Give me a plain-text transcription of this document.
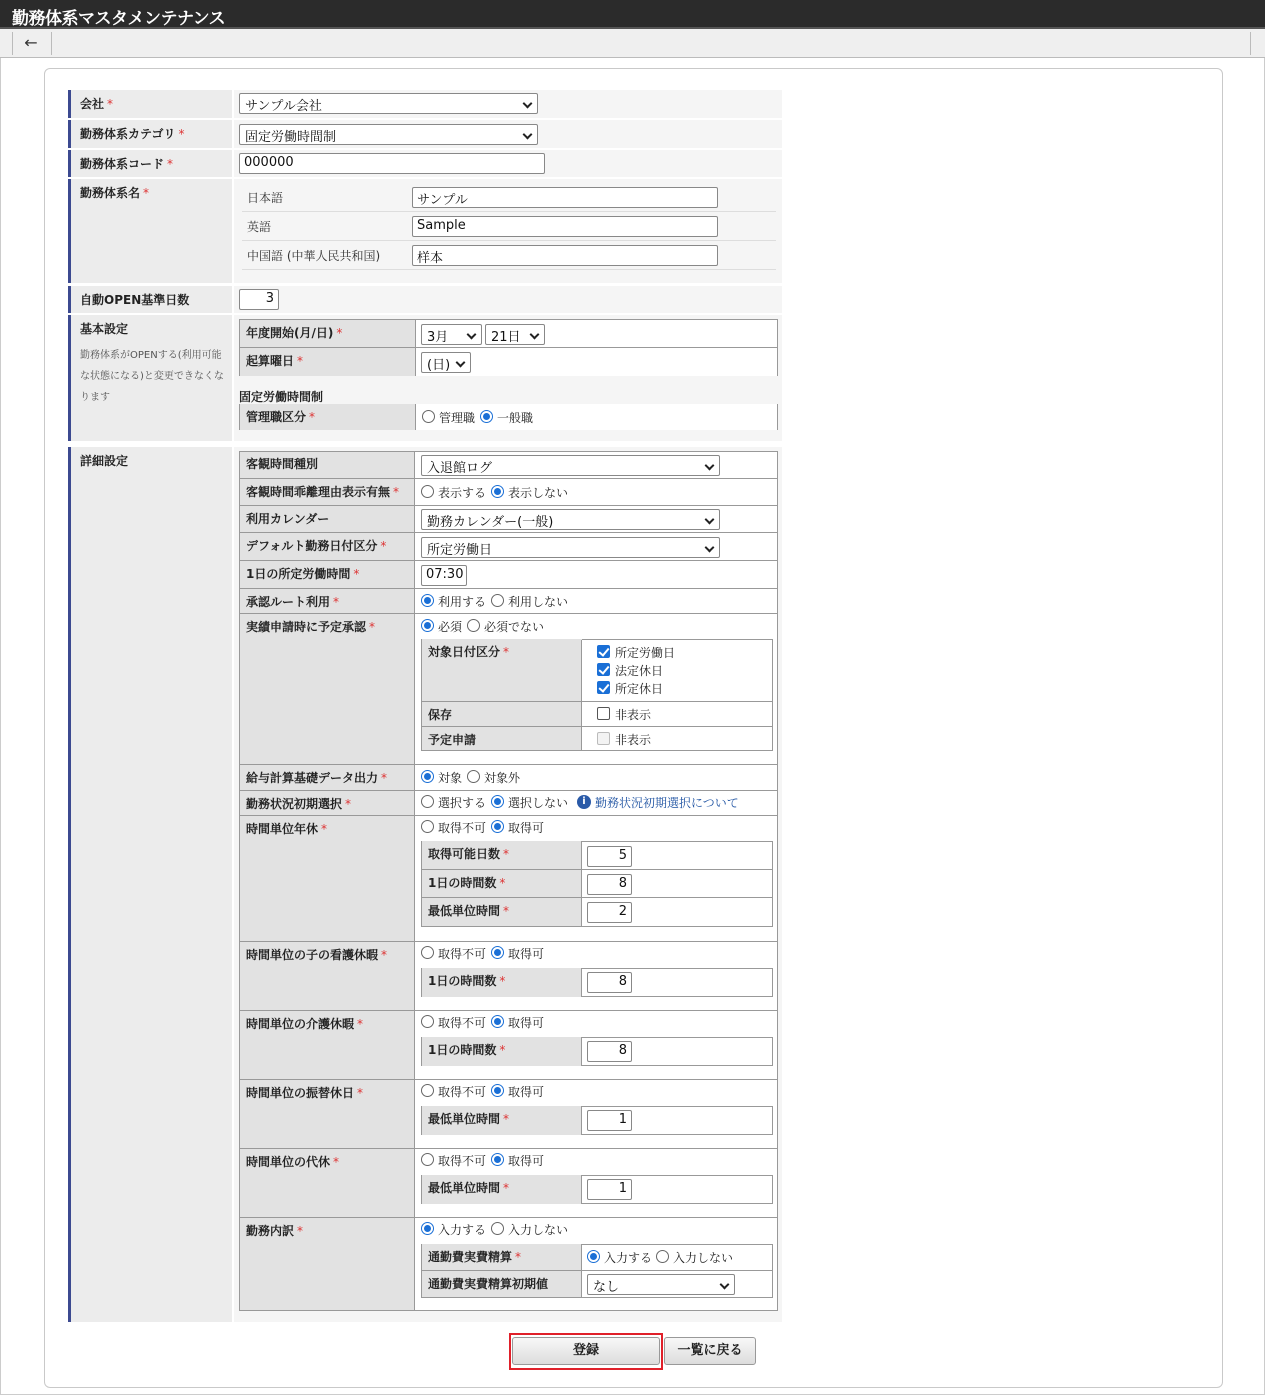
勤務体系マスタメンテナンス
←
会社 *	サンプル会社
勤務体系カテゴリ *	固定労働時間制
勤務体系コード *	000000
勤務体系名 *	日本語	サンプル
英語	Sample
中国語 (中華人民共和国)	样本
自動OPEN基準日数	3
基本設定
勤務体系がOPENする(利用可能な状態になる)と変更できなくなります
年度開始(月/日) *	3月	21日
起算曜日 *	(日)
固定労働時間制
管理職区分 *	管理職 一般職
詳細設定	客観時間種別	入退館ログ
客観時間乖離理由表示有無 *	表示する 表示しない
利用カレンダー	勤務カレンダー(一般)
デフォルト勤務日付区分 *	所定労働日
1日の所定労働時間 *	07:30
承認ルート利用 *	利用する 利用しない
実績申請時に予定承認 *	必須 必須でない
対象日付区分 *	所定労働日
法定休日
所定休日
保存	非表示
予定申請	非表示
給与計算基礎データ出力 *	対象 対象外
勤務状況初期選択 *	選択する 選択しない	i 勤務状況初期選択について
時間単位年休 *	取得不可 取得可
取得可能日数 *	5
1日の時間数 *	8
最低単位時間 *	2
時間単位の子の看護休暇 *	取得不可 取得可
1日の時間数 *	8
時間単位の介護休暇 *	取得不可 取得可
1日の時間数 *	8
時間単位の振替休日 *	取得不可 取得可
最低単位時間 *	1
時間単位の代休 *	取得不可 取得可
最低単位時間 *	1
勤務内訳 *	入力する 入力しない
通勤費実費精算 *	入力する 入力しない
通勤費実費精算初期値	なし
登録	一覧に戻る
